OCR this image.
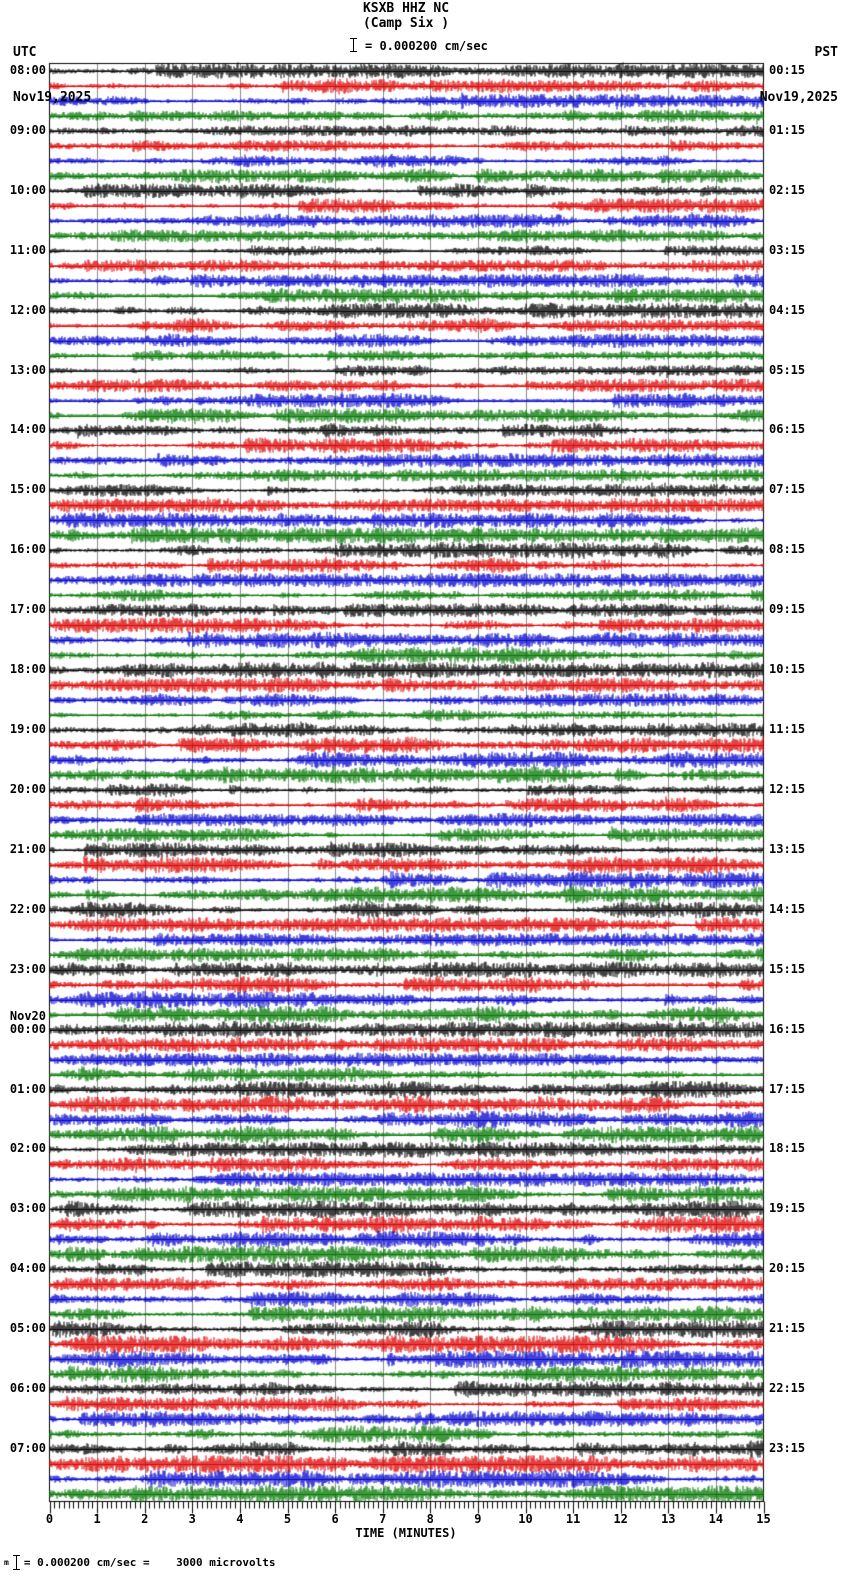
KSXB HHZ NC
(Camp Six )

UTC

Nov19,2025

PST

Nov19,2025

= 0.000200 cm/sec
08:00
09:00
10:00
11:00
12:00
13:00
14:00
15:00
16:00
17:00
18:00
19:00
20:00
21:00
22:00
23:00
Nov20
00:00
01:00
02:00
03:00
04:00
05:00
06:00
07:00
00:15
01:15
02:15
03:15
04:15
05:15
06:15
07:15
08:15
09:15
10:15
11:15
12:15
13:15
14:15
15:15
16:15
17:15
18:15
19:15
20:15
21:15
22:15
23:15
0	1	2	3	4	5	6	7	8	9	10	11	12	13	14	15
TIME (MINUTES)
m = 0.000200 cm/sec =    3000 microvolts
